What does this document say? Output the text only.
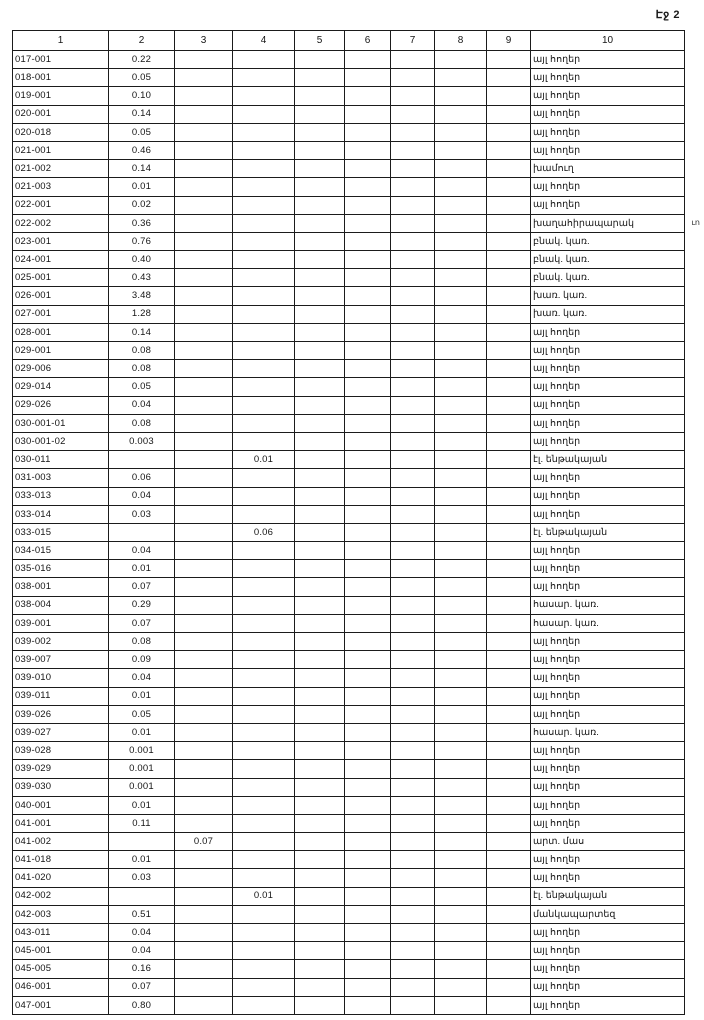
Էջ 2
ւո
1	2	3	4	5	6	7	8	9	10
017-001	0.22								այլ հողեր
018-001	0.05								այլ հողեր
019-001	0.10								այլ հողեր
020-001	0.14								այլ հողեր
020-018	0.05								այլ հողեր
021-001	0.46								այլ հողեր
021-002	0.14								խամուղ
021-003	0.01								այլ հողեր
022-001	0.02								այլ հողեր
022-002	0.36								խաղահիրապարակ
023-001	0.76								բնակ. կառ.
024-001	0.40								բնակ. կառ.
025-001	0.43								բնակ. կառ.
026-001	3.48								խառ. կառ.
027-001	1.28								խառ. կառ.
028-001	0.14								այլ հողեր
029-001	0.08								այլ հողեր
029-006	0.08								այլ հողեր
029-014	0.05								այլ հողեր
029-026	0.04								այլ հողեր
030-001-01	0.08								այլ հողեր
030-001-02	0.003								այլ հողեր
030-011			0.01						էլ. ենթակայան
031-003	0.06								այլ հողեր
033-013	0.04								այլ հողեր
033-014	0.03								այլ հողեր
033-015			0.06						էլ. ենթակայան
034-015	0.04								այլ հողեր
035-016	0.01								այլ հողեր
038-001	0.07								այլ հողեր
038-004	0.29								հասար. կառ.
039-001	0.07								հասար. կառ.
039-002	0.08								այլ հողեր
039-007	0.09								այլ հողեր
039-010	0.04								այլ հողեր
039-011	0.01								այլ հողեր
039-026	0.05								այլ հողեր
039-027	0.01								հասար. կառ.
039-028	0.001								այլ հողեր
039-029	0.001								այլ հողեր
039-030	0.001								այլ հողեր
040-001	0.01								այլ հողեր
041-001	0.11								այլ հողեր
041-002		0.07							արտ. մաս
041-018	0.01								այլ հողեր
041-020	0.03								այլ հողեր
042-002			0.01						էլ. ենթակայան
042-003	0.51								մանկապարտեզ
043-011	0.04								այլ հողեր
045-001	0.04								այլ հողեր
045-005	0.16								այլ հողեր
046-001	0.07								այլ հողեր
047-001	0.80								այլ հողեր
